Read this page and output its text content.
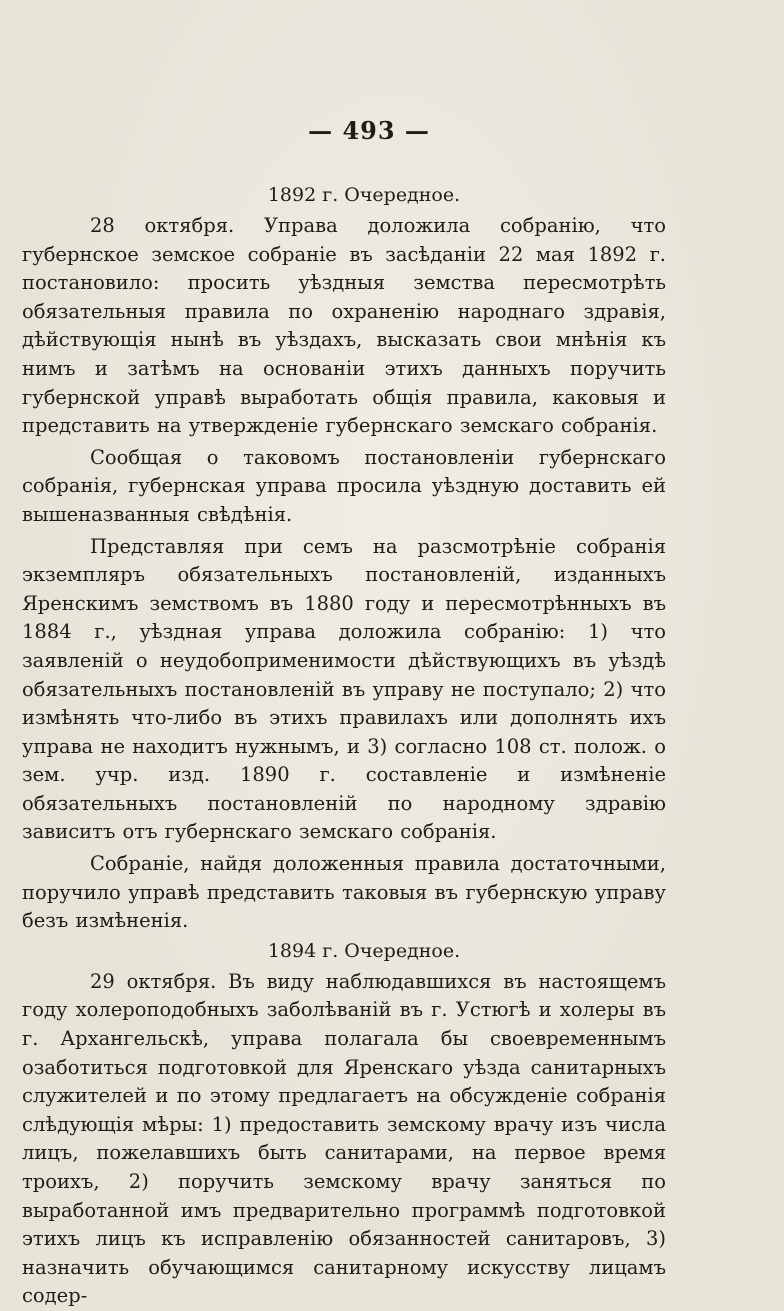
— 493 —
1892 г. Очередное.

28 октября. Управа доложила собранію, что губернское земское собраніе въ засѣданіи 22 мая 1892 г. постановило: просить уѣздныя земства пересмотрѣть обязательныя правила по охраненію народнаго здравія, дѣйствующія нынѣ въ уѣздахъ, высказать свои мнѣнія къ нимъ и затѣмъ на основаніи этихъ данныхъ поручить губернской управѣ выработать общія правила, каковыя и представить на утвержденіе губернскаго земскаго собранія.

Сообщая о таковомъ постановленіи губернскаго собранія, губернская управа просила уѣздную доставить ей вышеназванныя свѣдѣнія.

Представляя при семъ на разсмотрѣніе собранія экземпляръ обязательныхъ постановленій, изданныхъ Яренскимъ земствомъ въ 1880 году и пересмотрѣнныхъ въ 1884 г., уѣздная управа доложила собранію: 1) что заявленій о неудобоприменимости дѣйствующихъ въ уѣздѣ обязательныхъ постановленій въ управу не поступало; 2) что измѣнять что-либо въ этихъ правилахъ или дополнять ихъ управа не находитъ нужнымъ, и 3) согласно 108 ст. полож. о зем. учр. изд. 1890 г. составленіе и измѣненіе обязательныхъ постановленій по народному здравію зависитъ отъ губернскаго земскаго собранія.

Собраніе, найдя доложенныя правила достаточными, поручило управѣ представить таковыя въ губернскую управу безъ измѣненія.

1894 г. Очередное.

29 октября. Въ виду наблюдавшихся въ настоящемъ году холероподобныхъ заболѣваній въ г. Устюгѣ и холеры въ г. Архангельскѣ, управа полагала бы своевременнымъ озаботиться подготовкой для Яренскаго уѣзда санитарныхъ служителей и по этому предлагаетъ на обсужденіе собранія слѣдующія мѣры: 1) предоставить земскому врачу изъ числа лицъ, пожелавшихъ быть санитарами, на первое время троихъ, 2) поручить земскому врачу заняться по выработанной имъ предварительно программѣ подготовкой этихъ лицъ къ исправленію обязанностей санитаровъ, 3) назначить обучающимся санитарному искусству лицамъ содер-
